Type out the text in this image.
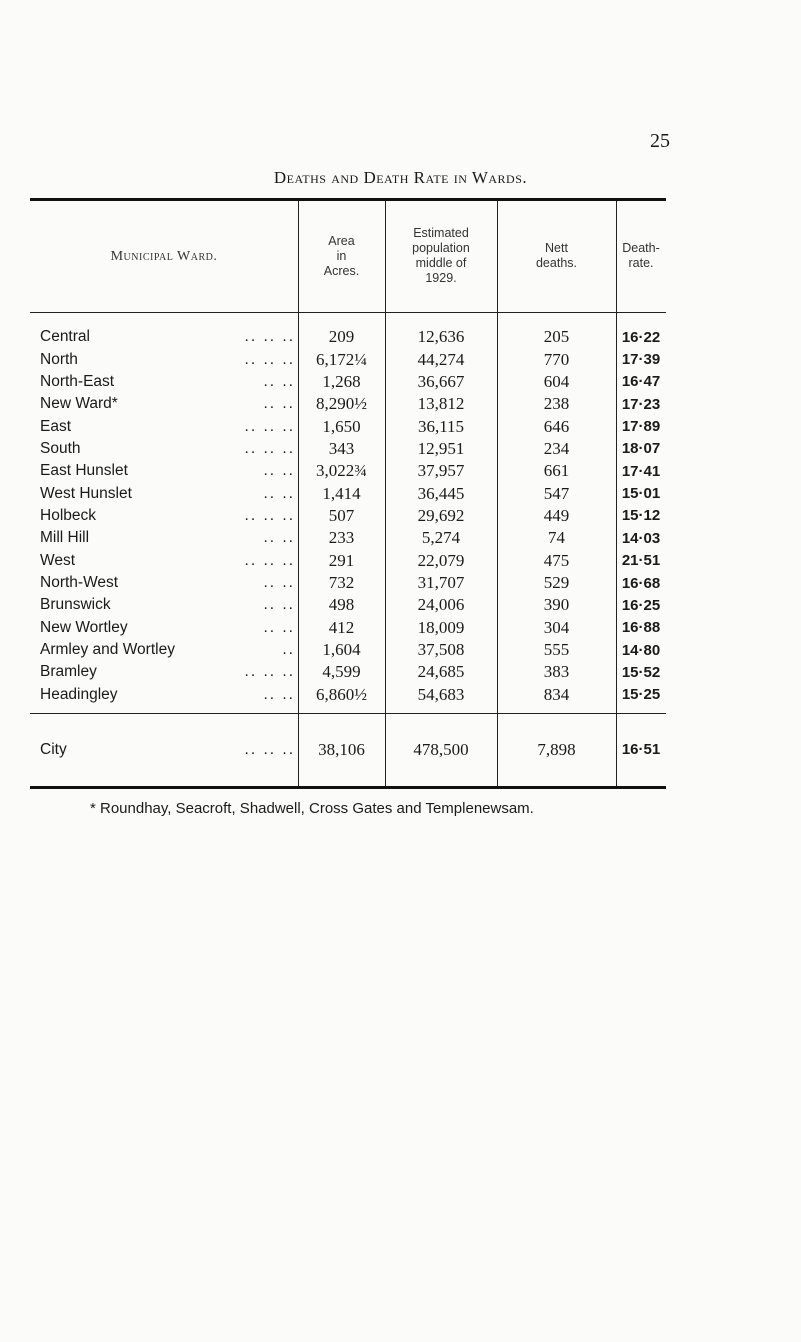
25
Deaths and Death Rate in Wards.
Municipal Ward.
Area
in
Acres.
Estimated
population
middle of
1929.
Nett
deaths.
Death-
rate.
Central	.. .. ..	209	12,636	205	16·22
North	.. .. ..	6,172¼	44,274	770	17·39
North-East	.. ..	1,268	36,667	604	16·47
New Ward*	.. ..	8,290½	13,812	238	17·23
East	.. .. ..	1,650	36,115	646	17·89
South	.. .. ..	343	12,951	234	18·07
East Hunslet	.. ..	3,022¾	37,957	661	17·41
West Hunslet	.. ..	1,414	36,445	547	15·01
Holbeck	.. .. ..	507	29,692	449	15·12
Mill Hill	.. ..	233	5,274	74	14·03
West	.. .. ..	291	22,079	475	21·51
North-West	.. ..	732	31,707	529	16·68
Brunswick	.. ..	498	24,006	390	16·25
New Wortley	.. ..	412	18,009	304	16·88
Armley and Wortley	..	1,604	37,508	555	14·80
Bramley	.. .. ..	4,599	24,685	383	15·52
Headingley	.. ..	6,860½	54,683	834	15·25
City	.. .. ..	38,106	478,500	7,898	16·51
* Roundhay, Seacroft, Shadwell, Cross Gates and Templenewsam.
